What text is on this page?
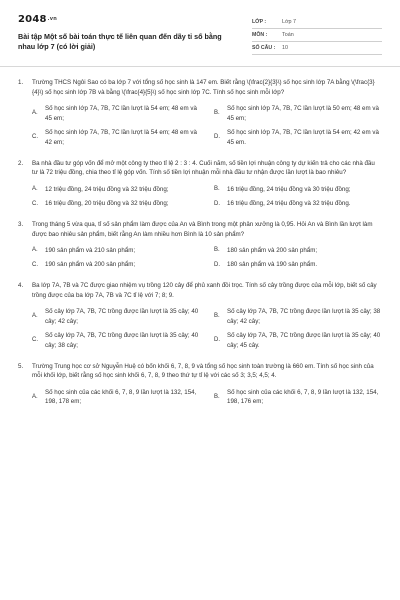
$2048^{.vn}$
Bài tập Một số bài toán thực tế liên quan đến dãy tỉ số bằng nhau lớp 7 (có lời giải)
LỚP :	Lớp 7
MÔN :	Toán
SỐ CÂU :	10
1.	Trường THCS Ngôi Sao có ba lớp 7 với tổng số học sinh là 147 em. Biết rằng \(\frac{2}{3}\) số học sinh lớp 7A bằng \(\frac{3}{4}\) số học sinh lớp 7B và bằng \(\frac{4}{5}\) số học sinh lớp 7C. Tính số học sinh mỗi lớp?
A.
Số học sinh lớp 7A, 7B, 7C lần lượt là 54 em; 48 em và 45 em;
B.
Số học sinh lớp 7A, 7B, 7C lần lượt là 50 em; 48 em và 45 em;
C.
Số học sinh lớp 7A, 7B, 7C lần lượt là 54 em; 48 em và 42 em;
D.
Số học sinh lớp 7A, 7B, 7C lần lượt là 54 em; 42 em và 45 em.
2.	Ba nhà đầu tư góp vốn để mở một công ty theo tỉ lệ 2 : 3 : 4. Cuối năm, số tiền lợi nhuận công ty dự kiến trả cho các nhà đầu tư là 72 triệu đồng, chia theo tỉ lệ góp vốn. Tính số tiền lợi nhuận mỗi nhà đầu tư nhận được lần lượt là bao nhiêu?
A.	12 triệu đồng, 24 triệu đồng và 32 triệu đồng;	B.	16 triệu đồng, 24 triệu đồng và 30 triệu đồng;
C.	16 triệu đồng, 20 triệu đồng và 32 triệu đồng;	D.	16 triệu đồng, 24 triệu đồng và 32 triệu đồng.
3.	Trong tháng 5 vừa qua, tỉ số sản phẩm làm được của An và Bình trong một phân xưởng là 0,95. Hỏi An và Bình lần lượt làm được bao nhiêu sản phẩm, biết rằng An làm nhiều hơn Bình là 10 sản phẩm?
A.	190 sản phẩm và 210 sản phẩm;	B.	180 sản phẩm và 200 sản phẩm;
C.	190 sản phẩm và 200 sản phẩm;	D.	180 sản phẩm và 190 sản phẩm.
4.	Ba lớp 7A, 7B và 7C được giao nhiệm vụ trồng 120 cây để phủ xanh đồi trọc. Tính số cây trồng được của mỗi lớp, biết số cây trồng được của ba lớp 7A, 7B và 7C tỉ lệ với 7; 8; 9.
A.
Số cây lớp 7A, 7B, 7C trồng được lần lượt là 35 cây; 40 cây; 42 cây;
B.
Số cây lớp 7A, 7B, 7C trồng được lần lượt là 35 cây; 38 cây; 42 cây;
C.
Số cây lớp 7A, 7B, 7C trồng được lần lượt là 35 cây; 40 cây; 38 cây;
D.
Số cây lớp 7A, 7B, 7C trồng được lần lượt là 35 cây; 40 cây; 45 cây.
5.	Trường Trung học cơ sở Nguyễn Huệ có bốn khối 6, 7, 8, 9 và tổng số học sinh toàn trường là 660 em. Tính số học sinh của mỗi khối lớp, biết rằng số học sinh khối 6, 7, 8, 9 theo thứ tự tỉ lệ với các số 3; 3,5; 4,5; 4.
A.
Số học sinh của các khối 6, 7, 8, 9 lần lượt là 132, 154, 198, 178 em;
B.
Số học sinh của các khối 6, 7, 8, 9 lần lượt là 132, 154, 198, 176 em;
